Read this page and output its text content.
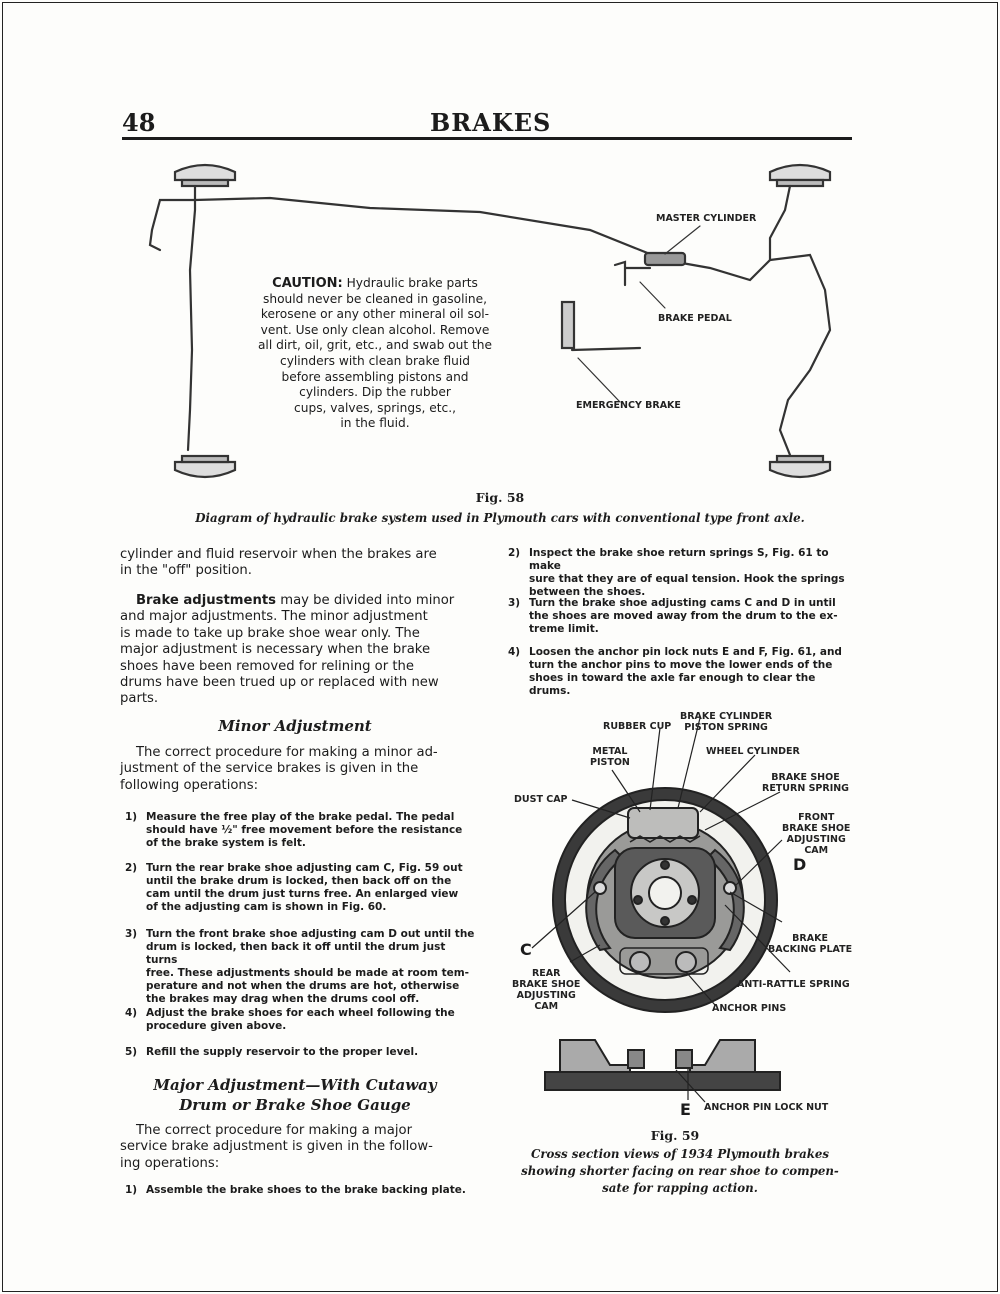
48	BRAKES
MASTER CYLINDER
BRAKE PEDAL
EMERGENCY BRAKE
CAUTION: Hydraulic brake parts
should never be cleaned in gasoline,
kerosene or any other mineral oil sol-
vent. Use only clean alcohol. Remove
all dirt, oil, grit, etc., and swab out the
cylinders with clean brake fluid
before assembling pistons and
cylinders. Dip the rubber
cups, valves, springs, etc.,
in the fluid.
Fig. 58
Diagram of hydraulic brake system used in Plymouth cars with conventional type front axle.
cylinder and fluid reservoir when the brakes are
in the "off" position.
Brake adjustments may be divided into minor
and major adjustments. The minor adjustment
is made to take up brake shoe wear only. The
major adjustment is necessary when the brake
shoes have been removed for relining or the
drums have been trued up or replaced with new
parts.
Minor Adjustment
The correct procedure for making a minor ad-
justment of the service brakes is given in the
following operations:
1) Measure the free play of the brake pedal. The pedal
should have ½" free movement before the resistance
of the brake system is felt.
2) Turn the rear brake shoe adjusting cam C, Fig. 59 out
until the brake drum is locked, then back off on the
cam until the drum just turns free. An enlarged view
of the adjusting cam is shown in Fig. 60.
3) Turn the front brake shoe adjusting cam D out until the
drum is locked, then back it off until the drum just turns
free. These adjustments should be made at room tem-
perature and not when the drums are hot, otherwise
the brakes may drag when the drums cool off.
4) Adjust the brake shoes for each wheel following the
procedure given above.
5) Refill the supply reservoir to the proper level.
Major Adjustment—With Cutaway
Drum or Brake Shoe Gauge
The correct procedure for making a major
service brake adjustment is given in the follow-
ing operations:
1) Assemble the brake shoes to the brake backing plate.
2) Inspect the brake shoe return springs S, Fig. 61 to make
sure that they are of equal tension. Hook the springs
between the shoes.
3) Turn the brake shoe adjusting cams C and D in until
the shoes are moved away from the drum to the ex-
treme limit.
4) Loosen the anchor pin lock nuts E and F, Fig. 61, and
turn the anchor pins to move the lower ends of the
shoes in toward the axle far enough to clear the drums.
BRAKE CYLINDER
PISTON SPRING
RUBBER CUP
METAL
PISTON
WHEEL CYLINDER
BRAKE SHOE
RETURN SPRING
DUST CAP
FRONT
BRAKE SHOE
ADJUSTING
CAM
D
C
BRAKE
BACKING PLATE
REAR
BRAKE SHOE
ADJUSTING
CAM
ANTI-RATTLE SPRING
ANCHOR PINS
E ANCHOR PIN LOCK NUT
Fig. 59
Cross section views of 1934 Plymouth brakes
showing shorter facing on rear shoe to compen-
sate for rapping action.
